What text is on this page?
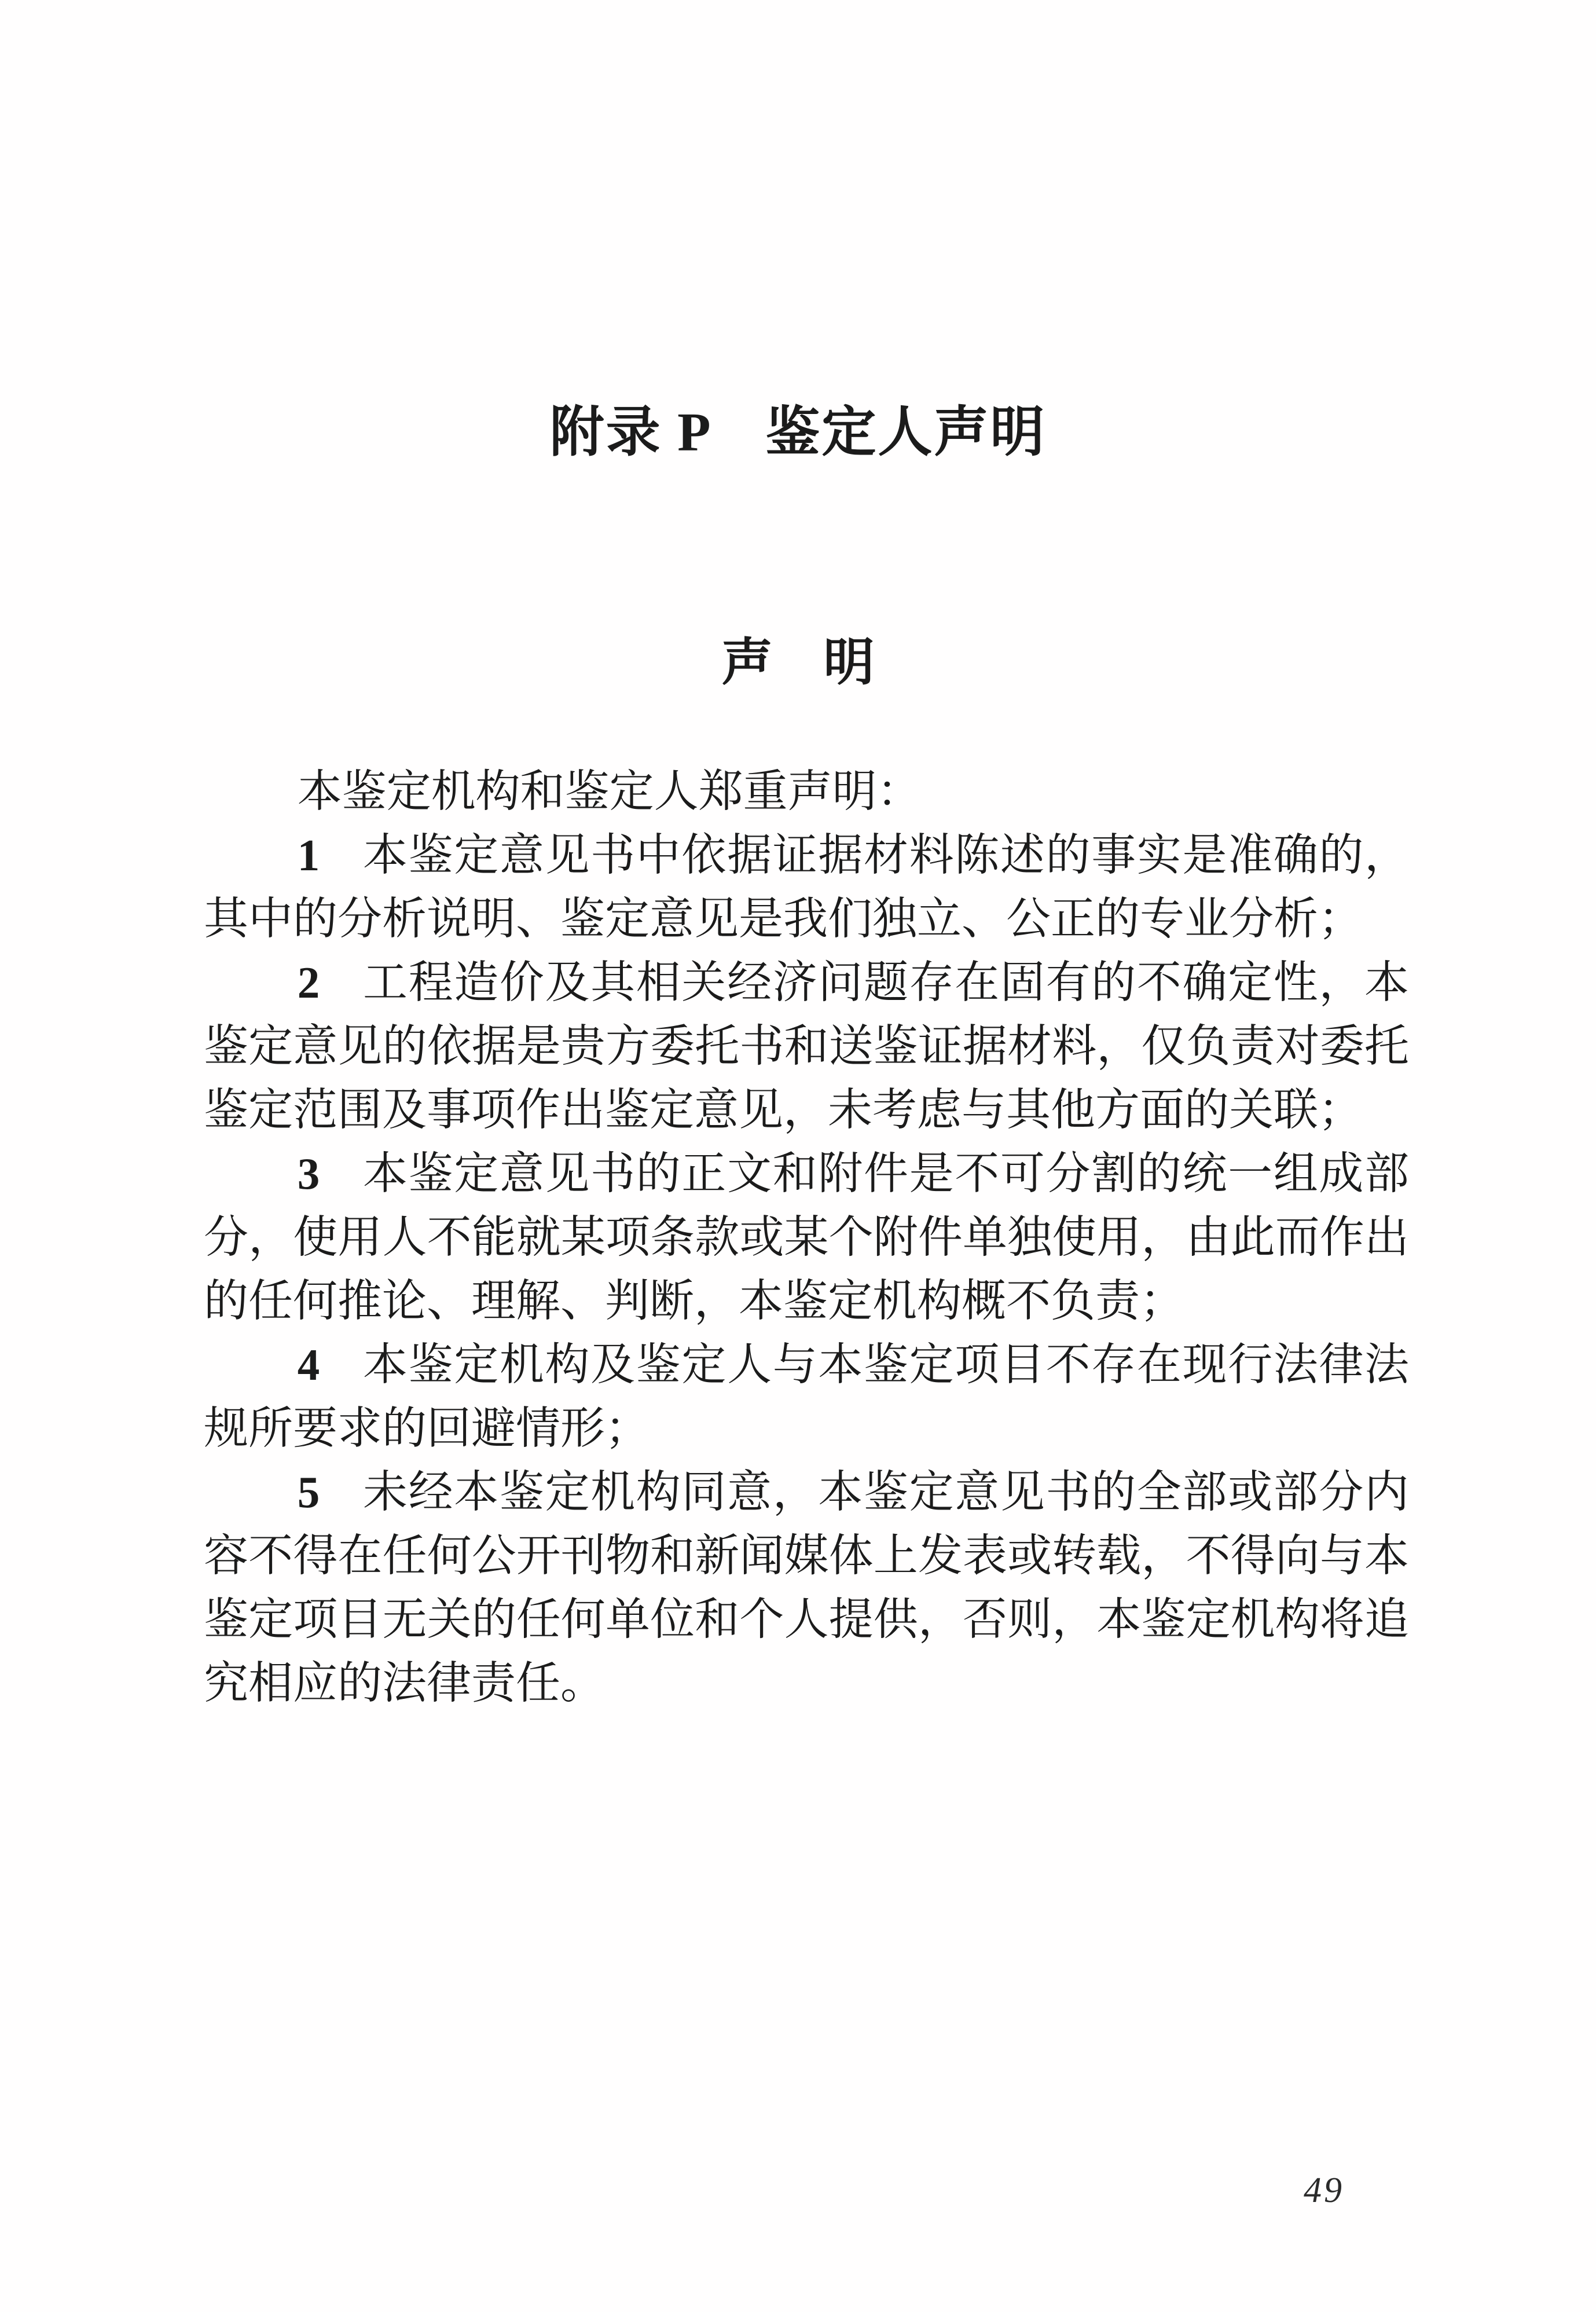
附录 P　鉴定人声明
声　明

本鉴定机构和鉴定人郑重声明：

1 本鉴定意见书中依据证据材料陈述的事实是准确的，其中的分析说明、鉴定意见是我们独立、公正的专业分析；

2 工程造价及其相关经济问题存在固有的不确定性，本鉴定意见的依据是贵方委托书和送鉴证据材料，仅负责对委托鉴定范围及事项作出鉴定意见，未考虑与其他方面的关联；

3 本鉴定意见书的正文和附件是不可分割的统一组成部分，使用人不能就某项条款或某个附件单独使用，由此而作出的任何推论、理解、判断，本鉴定机构概不负责；

4 本鉴定机构及鉴定人与本鉴定项目不存在现行法律法规所要求的回避情形；

5 未经本鉴定机构同意，本鉴定意见书的全部或部分内容不得在任何公开刊物和新闻媒体上发表或转载，不得向与本鉴定项目无关的任何单位和个人提供，否则，本鉴定机构将追究相应的法律责任。

49
